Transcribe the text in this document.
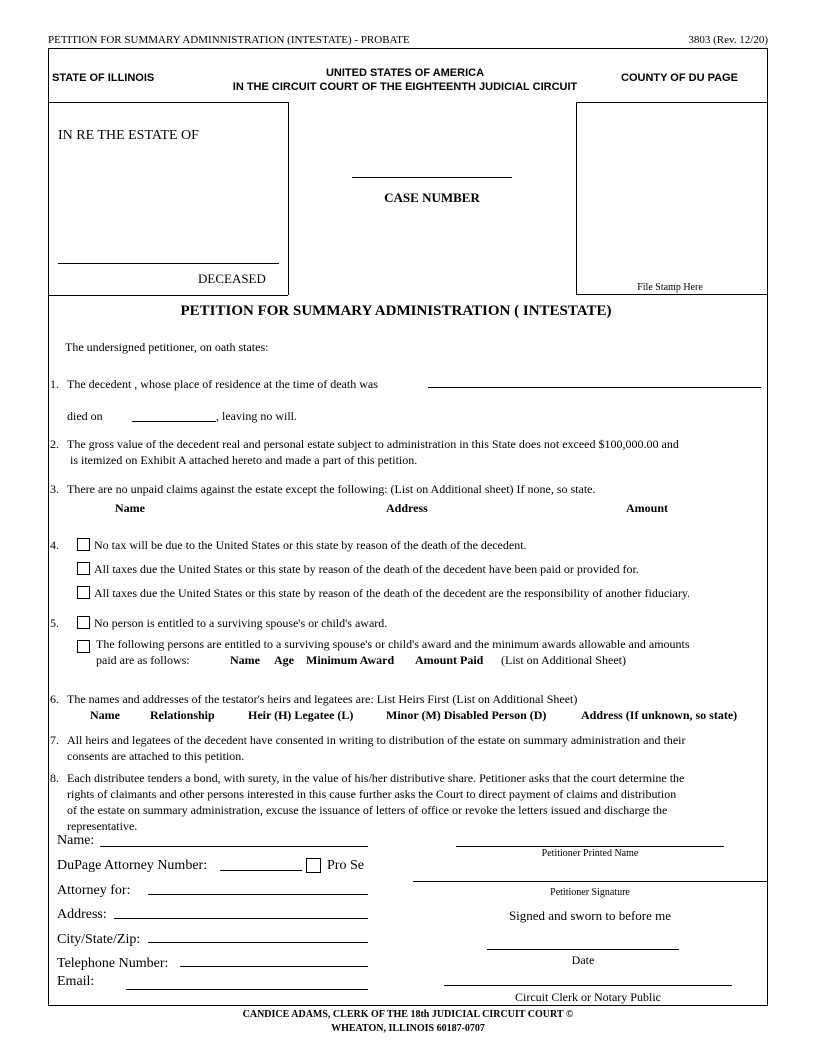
PETITION FOR SUMMARY ADMINNISTRATION (INTESTATE) - PROBATE	3803 (Rev. 12/20)
STATE OF ILLINOIS	UNITED STATES OF AMERICA
IN THE CIRCUIT COURT OF THE EIGHTEENTH JUDICIAL CIRCUIT
COUNTY OF DU PAGE
IN RE THE ESTATE OF
DECEASED
CASE NUMBER
File Stamp Here
PETITION FOR SUMMARY ADMINISTRATION ( INTESTATE)
The undersigned petitioner, on oath states:
1. The decedent , whose place of residence at the time of death was
died on	, leaving no will.
2. The gross value of the decedent real and personal estate subject to administration in this State does not exceed $100,000.00 and
is itemized on Exhibit A attached hereto and made a part of this petition.
3. There are no unpaid claims against the estate except the following: (List on Additional sheet) If none, so state.
Name	Address	Amount
4.	No tax will be due to the United States or this state by reason of the death of the decedent.
All taxes due the United States or this state by reason of the death of the decedent have been paid or provided for.
All taxes due the United States or this state by reason of the death of the decedent are the responsibility of another fiduciary.
5.	No person is entitled to a surviving spouse's or child's award.
The following persons are entitled to a surviving spouse's or child's award and the minimum awards allowable and amounts
paid are as follows:	Name Age Minimum Award Amount Paid (List on Additional Sheet)
6. The names and addresses of the testator's heirs and legatees are: List Heirs First (List on Additional Sheet)
Name	Relationship	Heir (H) Legatee (L)	Minor (M) Disabled Person (D)	Address (If unknown, so state)
7. All heirs and legatees of the decedent have consented in writing to distribution of the estate on summary administration and their
consents are attached to this petition.
8. Each distributee tenders a bond, with surety, in the value of his/her distributive share. Petitioner asks that the court determine the
rights of claimants and other persons interested in this cause further asks the Court to direct payment of claims and distribution
of the estate on summary administration, excuse the issuance of letters of office or revoke the letters issued and discharge the
representative.
Name:
DuPage Attorney Number:	Pro Se
Attorney for:
Address:
City/State/Zip:
Telephone Number:
Email:
Petitioner Printed Name
Petitioner Signature
Signed and sworn to before me
Date
Circuit Clerk or Notary Public
CANDICE ADAMS, CLERK OF THE 18th JUDICIAL CIRCUIT COURT ©
WHEATON, ILLINOIS 60187-0707
